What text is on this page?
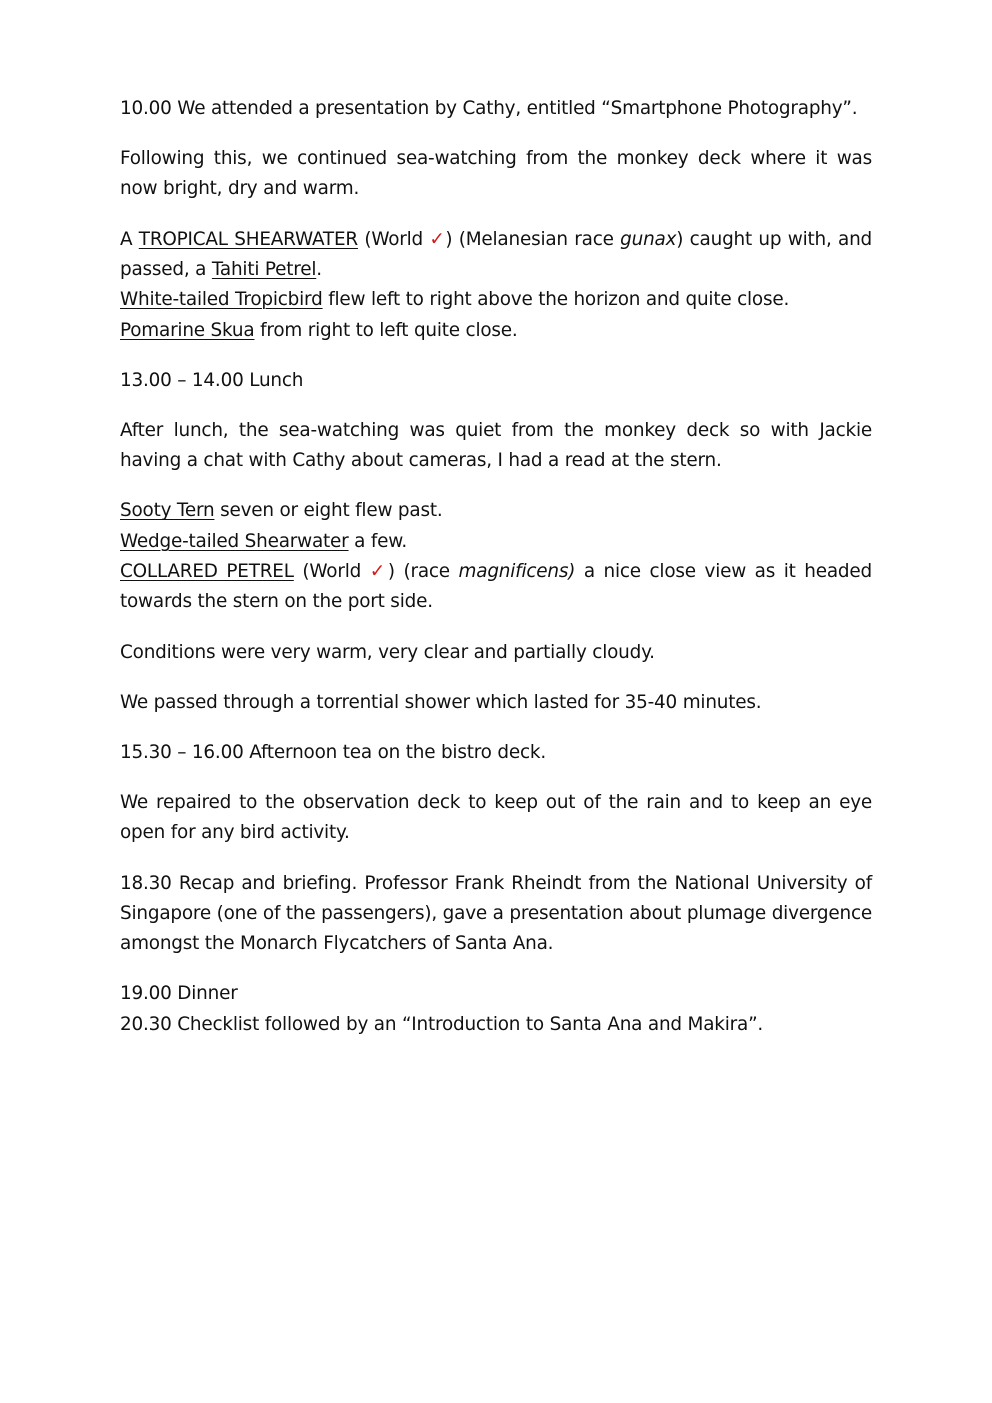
10.00 We attended a presentation by Cathy, entitled “Smartphone Photography”.

Following this, we continued sea-watching from the monkey deck where it was now bright, dry and warm.

A TROPICAL SHEARWATER (World ✓) (Melanesian race gunax) caught up with, and passed, a Tahiti Petrel.
White-tailed Tropicbird flew left to right above the horizon and quite close.
Pomarine Skua from right to left quite close.

13.00 – 14.00 Lunch

After lunch, the sea-watching was quiet from the monkey deck so with Jackie having a chat with Cathy about cameras, I had a read at the stern.

Sooty Tern seven or eight flew past.
Wedge-tailed Shearwater a few.
COLLARED PETREL (World ✓) (race magnificens) a nice close view as it headed towards the stern on the port side.

Conditions were very warm, very clear and partially cloudy.

We passed through a torrential shower which lasted for 35-40 minutes.

15.30 – 16.00 Afternoon tea on the bistro deck.

We repaired to the observation deck to keep out of the rain and to keep an eye open for any bird activity.

18.30 Recap and briefing. Professor Frank Rheindt from the National University of Singapore (one of the passengers), gave a presentation about plumage divergence amongst the Monarch Flycatchers of Santa Ana.

19.00 Dinner
20.30 Checklist followed by an “Introduction to Santa Ana and Makira”.
